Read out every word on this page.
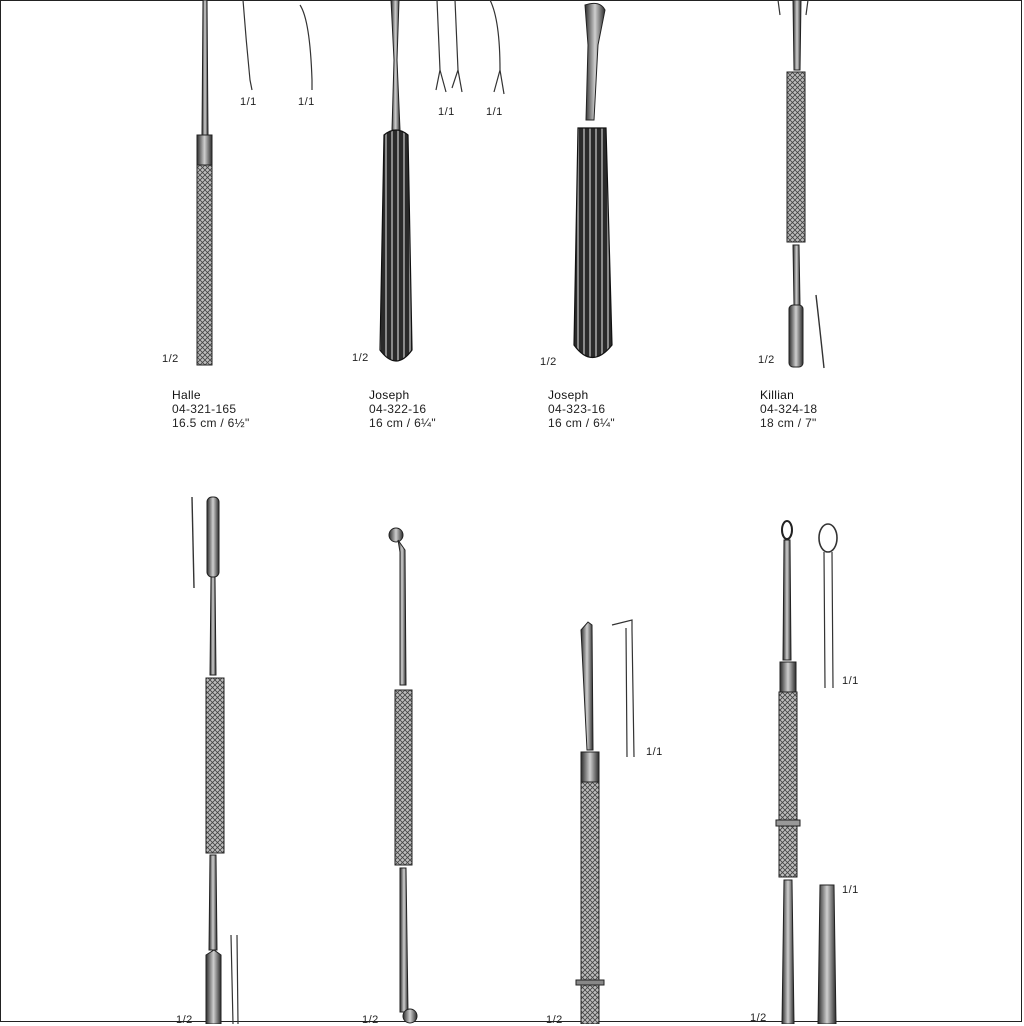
1/2
1/1	1/1
1/2
1/1	1/1
1/2	1/2
Halle
04-321-165
16.5 cm / 6½"
Joseph
04-322-16
16 cm / 6¼"
Joseph
04-323-16
16 cm / 6¼"
Killian
04-324-18
18 cm / 7"
1/2	1/2	1/2
1/1
1/2
1/1
1/1
